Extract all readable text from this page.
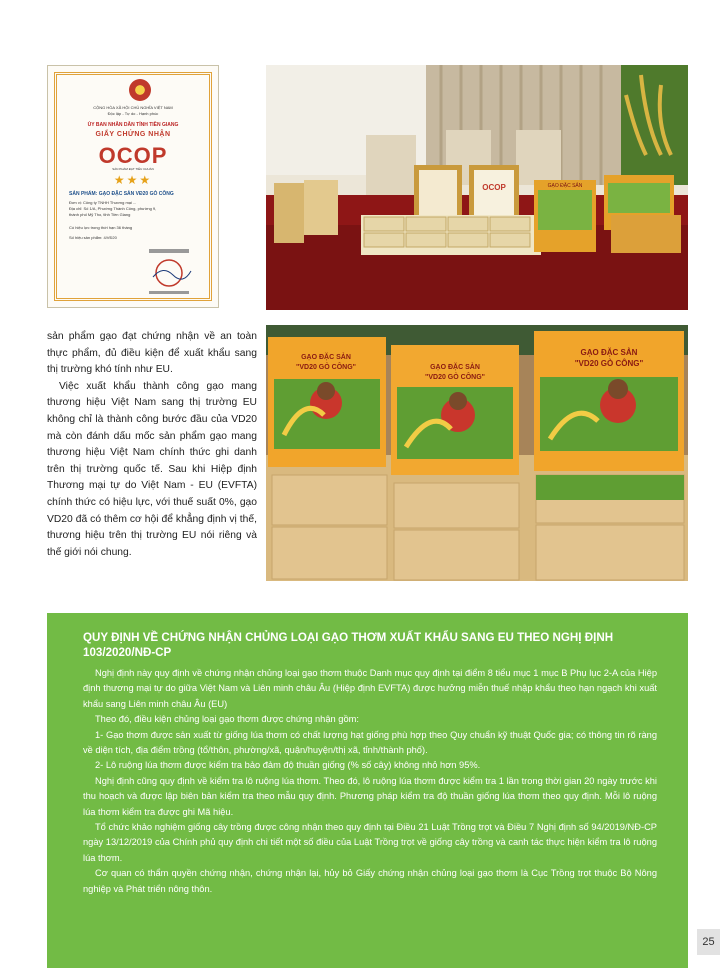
CỘNG HÒA XÃ HỘI CHỦ NGHĨA VIỆT NAM
Độc lập - Tự do - Hạnh phúc
ỦY BAN NHÂN DÂN TỈNH TIỀN GIANG
GIẤY CHỨNG NHẬN
OCOP
SẢN PHẨM ĐẠT TIÊU CHUẨN
★★★
SẢN PHẨM: GẠO ĐẶC SẢN VĐ20 GÒ CÔNG
Đơn vị: Công ty TNHH Thương mại ...
Địa chỉ: Số 1/A, Phường Thành Công, phường 9,
thành phố Mỹ Tho, tỉnh Tiền Giang
Có hiệu lực trong thời hạn 36 tháng
Số hiệu sản phẩm: 4/VĐ20
OCOP	GẠO ĐẶC SẢN

sản phẩm gạo đạt chứng nhận về an toàn thực phẩm, đủ điều kiện để xuất khẩu sang thị trường khó tính như EU.

Việc xuất khẩu thành công gạo mang thương hiệu Việt Nam sang thị trường EU không chỉ là thành công bước đầu của VD20 mà còn đánh dấu mốc sản phẩm gạo mang thương hiệu Việt Nam chính thức ghi danh trên thị trường quốc tế. Sau khi Hiệp định Thương mại tự do Việt Nam - EU (EVFTA) chính thức có hiệu lực, với thuế suất 0%, gạo VD20 đã có thêm cơ hội để khẳng định vị thế, thương hiệu trên thị trường EU nói riêng và thế giới nói chung.

GẠO ĐẶC SẢN
"VD20 GÒ CÔNG"	GẠO ĐẶC SẢN
"VD20 GÒ CÔNG"
GẠO ĐẶC SẢN
"VD20 GÒ CÔNG"
QUY ĐỊNH VỀ CHỨNG NHẬN CHỦNG LOẠI GẠO THƠM XUẤT KHẨU SANG EU THEO NGHỊ ĐỊNH 103/2020/NĐ-CP

Nghị định này quy định về chứng nhận chủng loại gạo thơm thuộc Danh mục quy định tại điểm 8 tiểu mục 1 mục B Phụ lục 2-A của Hiệp định thương mại tự do giữa Việt Nam và Liên minh châu Âu (Hiệp định EVFTA) được hưởng miễn thuế nhập khẩu theo hạn ngạch khi xuất khẩu sang Liên minh châu Âu (EU)

Theo đó, điều kiện chủng loại gạo thơm được chứng nhận gồm:

1- Gạo thơm được sản xuất từ giống lúa thơm có chất lượng hạt giống phù hợp theo Quy chuẩn kỹ thuật Quốc gia; có thông tin rõ ràng về diện tích, địa điểm trồng (tổ/thôn, phường/xã, quận/huyện/thị xã, tỉnh/thành phố).

2- Lô ruộng lúa thơm được kiểm tra bảo đảm độ thuần giống (% số cây) không nhỏ hơn 95%.

Nghị định cũng quy định về kiểm tra lô ruộng lúa thơm. Theo đó, lô ruộng lúa thơm được kiểm tra 1 lần trong thời gian 20 ngày trước khi thu hoạch và được lập biên bản kiểm tra theo mẫu quy định. Phương pháp kiểm tra độ thuần giống lúa thơm theo quy định. Mỗi lô ruộng lúa thơm kiểm tra được ghi Mã hiệu.

Tổ chức khảo nghiệm giống cây trồng được công nhận theo quy định tại Điều 21 Luật Trồng trọt và Điều 7 Nghị định số 94/2019/NĐ-CP ngày 13/12/2019 của Chính phủ quy định chi tiết một số điều của Luật Trồng trọt về giống cây trồng và canh tác thực hiện kiểm tra lô ruộng lúa thơm.

Cơ quan có thẩm quyền chứng nhận, chứng nhận lại, hủy bỏ Giấy chứng nhận chủng loại gạo thơm là Cục Trồng trọt thuộc Bộ Nông nghiệp và Phát triển nông thôn.

25
